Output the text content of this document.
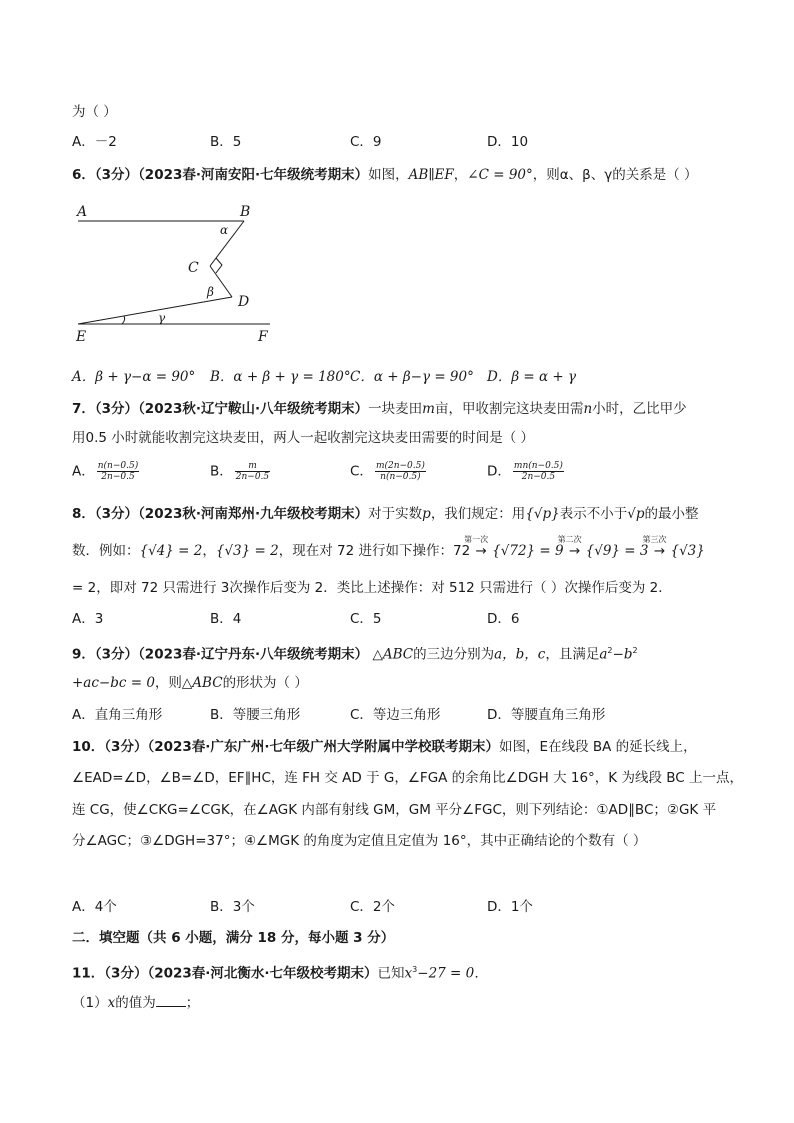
为（ ）
A．－2	B．5	C．9	D．10
6．（3分）（2023春·河南安阳·七年级统考期末）如图，AB∥EF，∠C = 90°，则α、β、γ的关系是（ ）
A	B
C
D
E	F
α
β
γ
A．β + γ−α = 90° B．α + β + γ = 180° C．α + β−γ = 90° D．β = α + γ
7．（3分）（2023秋·辽宁鞍山·八年级统考期末）一块麦田m亩，甲收割完这块麦田需n小时，乙比甲少
用0.5 小时就能收割完这块麦田，两人一起收割完这块麦田需要的时间是（ ）
A． $\frac{n(n-0.5)}{2n-0.5}$	B． $\frac{m}{2n-0.5}$	C． $\frac{m(2n-0.5)}{n(n-0.5)}$	D． $\frac{mn(n-0.5)}{2n-0.5}$
8．（3分）（2023秋·河南郑州·九年级校考期末）对于实数p，我们规定：用{√p}表示不小于√p的最小整
数．例如：{√4} = 2，{√3} = 2，现在对 72 进行如下操作：72
第一次
→ {√72} = 9
第二次
→ {√9} = 3
第三次
→ {√3}
= 2，即对 72 只需进行 3次操作后变为 2．类比上述操作：对 512 只需进行（ ）次操作后变为 2．
A．3	B．4	C．5	D．6
9．（3分）（2023春·辽宁丹东·八年级统考期末） △ABC的三边分别为a，b，c，且满足$a^2-b^2$
+ac−bc = 0，则△ABC的形状为（ ）
A．直角三角形	B．等腰三角形	C．等边三角形	D．等腰直角三角形
10．（3分）（2023春·广东广州·七年级广州大学附属中学校联考期末）如图，E在线段 BA 的延长线上，
∠EAD=∠D，∠B=∠D，EF∥HC，连 FH 交 AD 于 G，∠FGA 的余角比∠DGH 大 16°，K 为线段 BC 上一点，
连 CG，使∠CKG=∠CGK，在∠AGK 内部有射线 GM，GM 平分∠FGC，则下列结论：①AD∥BC；②GK 平
分∠AGC；③∠DGH=37°；④∠MGK 的角度为定值且定值为 16°，其中正确结论的个数有（ ）
A．4个	B．3个	C．2个	D．1个
二．填空题（共 6 小题，满分 18 分，每小题 3 分）
11．（3分）（2023春·河北衡水·七年级校考期末）已知$x^3-27 = 0$．
（1）x的值为 ；
